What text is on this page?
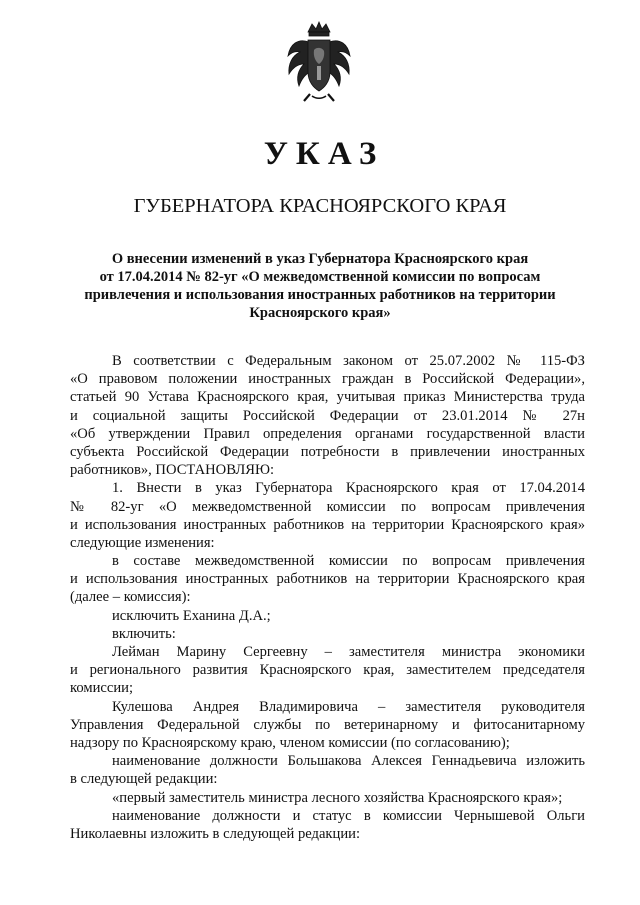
УКАЗ
ГУБЕРНАТОРА КРАСНОЯРСКОГО КРАЯ
О внесении изменений в указ Губернатора Красноярского края
от 17.04.2014 № 82-уг «О межведомственной комиссии по вопросам
привлечения и использования иностранных работников на территории
Красноярского края»
В соответствии с Федеральным законом от 25.07.2002 № 115-ФЗ
«О правовом положении иностранных граждан в Российской Федерации»,
статьей 90 Устава Красноярского края, учитывая приказ Министерства труда
и социальной защиты Российской Федерации от 23.01.2014 № 27н
«Об утверждении Правил определения органами государственной власти
субъекта Российской Федерации потребности в привлечении иностранных
работников», ПОСТАНОВЛЯЮ:
1. Внести в указ Губернатора Красноярского края от 17.04.2014
№ 82-уг «О межведомственной комиссии по вопросам привлечения
и использования иностранных работников на территории Красноярского края»
следующие изменения:
в составе межведомственной комиссии по вопросам привлечения
и использования иностранных работников на территории Красноярского края
(далее – комиссия):
исключить Еханина Д.А.;
включить:
Лейман Марину Сергеевну – заместителя министра экономики
и регионального развития Красноярского края, заместителем председателя
комиссии;
Кулешова Андрея Владимировича – заместителя руководителя
Управления Федеральной службы по ветеринарному и фитосанитарному
надзору по Красноярскому краю, членом комиссии (по согласованию);
наименование должности Большакова Алексея Геннадьевича изложить
в следующей редакции:
«первый заместитель министра лесного хозяйства Красноярского края»;
наименование должности и статус в комиссии Чернышевой Ольги
Николаевны изложить в следующей редакции:
